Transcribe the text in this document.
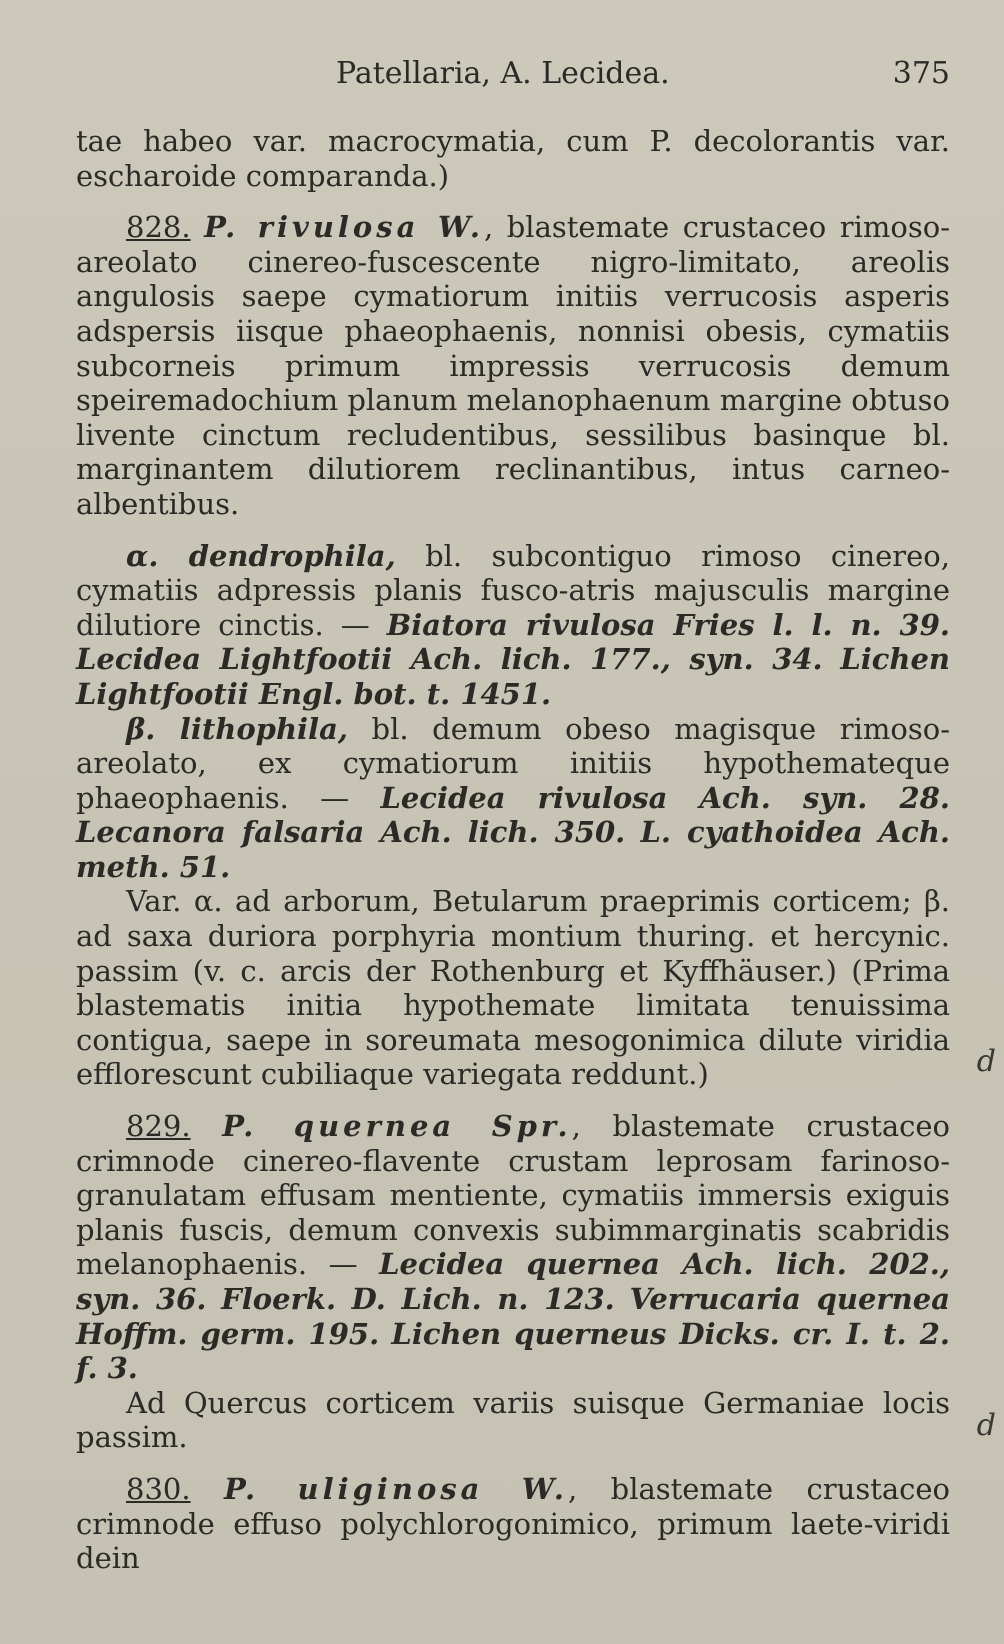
Patellaria, A. Lecidea.	375
d
d

tae habeo var. macrocymatia, cum P. decolorantis var. escharoide comparanda.)

828. P. rivulosa W., blastemate crustaceo rimoso-areolato cinereo-fuscescente nigro-limitato, areolis angulosis saepe cymatiorum initiis verrucosis asperis adspersis iisque phaeophaenis, nonnisi obesis, cymatiis subcorneis primum impressis verrucosis demum speiremadochium planum melanophaenum margine obtuso livente cinctum recludentibus, sessilibus basinque bl. marginantem dilutiorem reclinantibus, intus carneo-albentibus.

α. dendrophila, bl. subcontiguo rimoso cinereo, cymatiis adpressis planis fusco-atris majusculis margine dilutiore cinctis. — Biatora rivulosa Fries l. l. n. 39. Lecidea Lightfootii Ach. lich. 177., syn. 34. Lichen Lightfootii Engl. bot. t. 1451.

β. lithophila, bl. demum obeso magisque rimoso-areolato, ex cymatiorum initiis hypothemateque phaeophaenis. — Lecidea rivulosa Ach. syn. 28. Lecanora falsaria Ach. lich. 350. L. cyathoidea Ach. meth. 51.

Var. α. ad arborum, Betularum praeprimis corticem; β. ad saxa duriora porphyria montium thuring. et hercynic. passim (v. c. arcis der Rothenburg et Kyffhäuser.) (Prima blastematis initia hypothemate limitata tenuissima contigua, saepe in soreumata mesogonimica dilute viridia efflorescunt cubiliaque variegata reddunt.)

829. P. quernea Spr., blastemate crustaceo crimnode cinereo-flavente crustam leprosam farinoso-granulatam effusam mentiente, cymatiis immersis exiguis planis fuscis, demum convexis subimmarginatis scabridis melanophaenis. — Lecidea quernea Ach. lich. 202., syn. 36. Floerk. D. Lich. n. 123. Verrucaria quernea Hoffm. germ. 195. Lichen querneus Dicks. cr. I. t. 2. f. 3.

Ad Quercus corticem variis suisque Germaniae locis passim.

830. P. uliginosa W., blastemate crustaceo crimnode effuso polychlorogonimico, primum laete-viridi dein
